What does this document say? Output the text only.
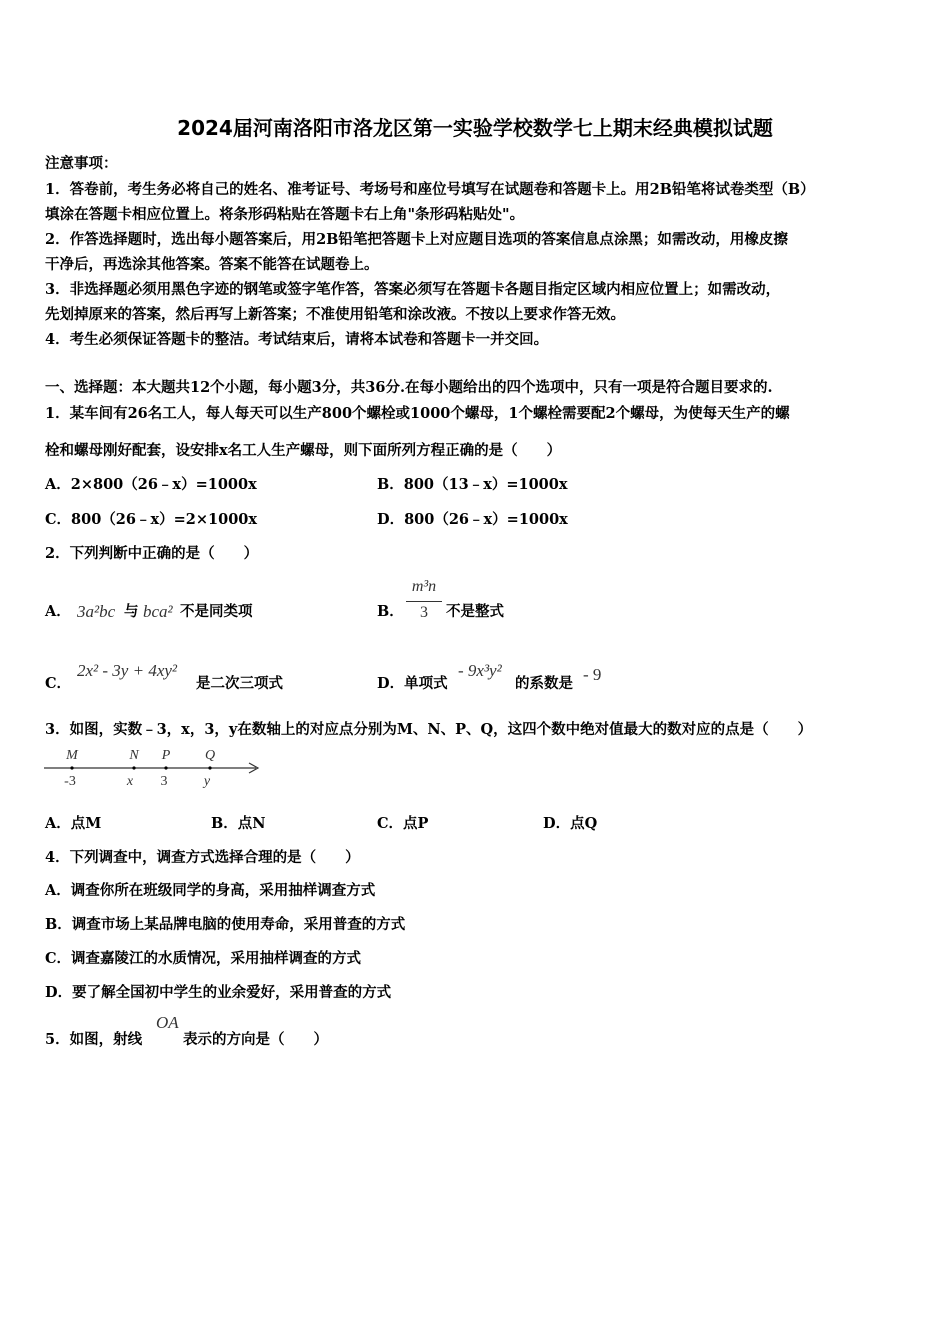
2024届河南洛阳市洛龙区第一实验学校数学七上期末经典模拟试题
注意事项：
1．答卷前，考生务必将自己的姓名、准考证号、考场号和座位号填写在试题卷和答题卡上。用2B铅笔将试卷类型（B）
填涂在答题卡相应位置上。将条形码粘贴在答题卡右上角"条形码粘贴处"。
2．作答选择题时，选出每小题答案后，用2B铅笔把答题卡上对应题目选项的答案信息点涂黑；如需改动，用橡皮擦
干净后，再选涂其他答案。答案不能答在试题卷上。
3．非选择题必须用黑色字迹的钢笔或签字笔作答，答案必须写在答题卡各题目指定区域内相应位置上；如需改动，
先划掉原来的答案，然后再写上新答案；不准使用铅笔和涂改液。不按以上要求作答无效。
4．考生必须保证答题卡的整洁。考试结束后，请将本试卷和答题卡一并交回。
一、选择题：本大题共12个小题，每小题3分，共36分.在每小题给出的四个选项中，只有一项是符合题目要求的.
1．某车间有26名工人，每人每天可以生产800个螺栓或1000个螺母，1个螺栓需要配2个螺母，为使每天生产的螺
栓和螺母刚好配套，设安排x名工人生产螺母，则下面所列方程正确的是（　　）
A．2×800（26﹣x）=1000x	B．800（13﹣x）=1000x
C．800（26﹣x）=2×1000x	D．800（26﹣x）=1000x
2．下列判断中正确的是（　　）
A． 3a²bc 与 bca² 不是同类项	B．
m³n
3	不是整式
C．
2x² - 3y + 4xy²
是二次三项式	D．单项式
- 9x³y²
的系数是 - 9
3．如图，实数﹣3，x，3，y在数轴上的对应点分别为M、N、P、Q，这四个数中绝对值最大的数对应的点是（　　）
M	N P Q
-3	x 3	y
A．点M	B．点N	C．点P	D．点Q
4．下列调查中，调查方式选择合理的是（　　）
A．调查你所在班级同学的身高，采用抽样调查方式
B．调查市场上某品牌电脑的使用寿命，采用普查的方式
C．调查嘉陵江的水质情况，采用抽样调查的方式
D．要了解全国初中学生的业余爱好，采用普查的方式
5．如图，射线
OA
表示的方向是（　　）
